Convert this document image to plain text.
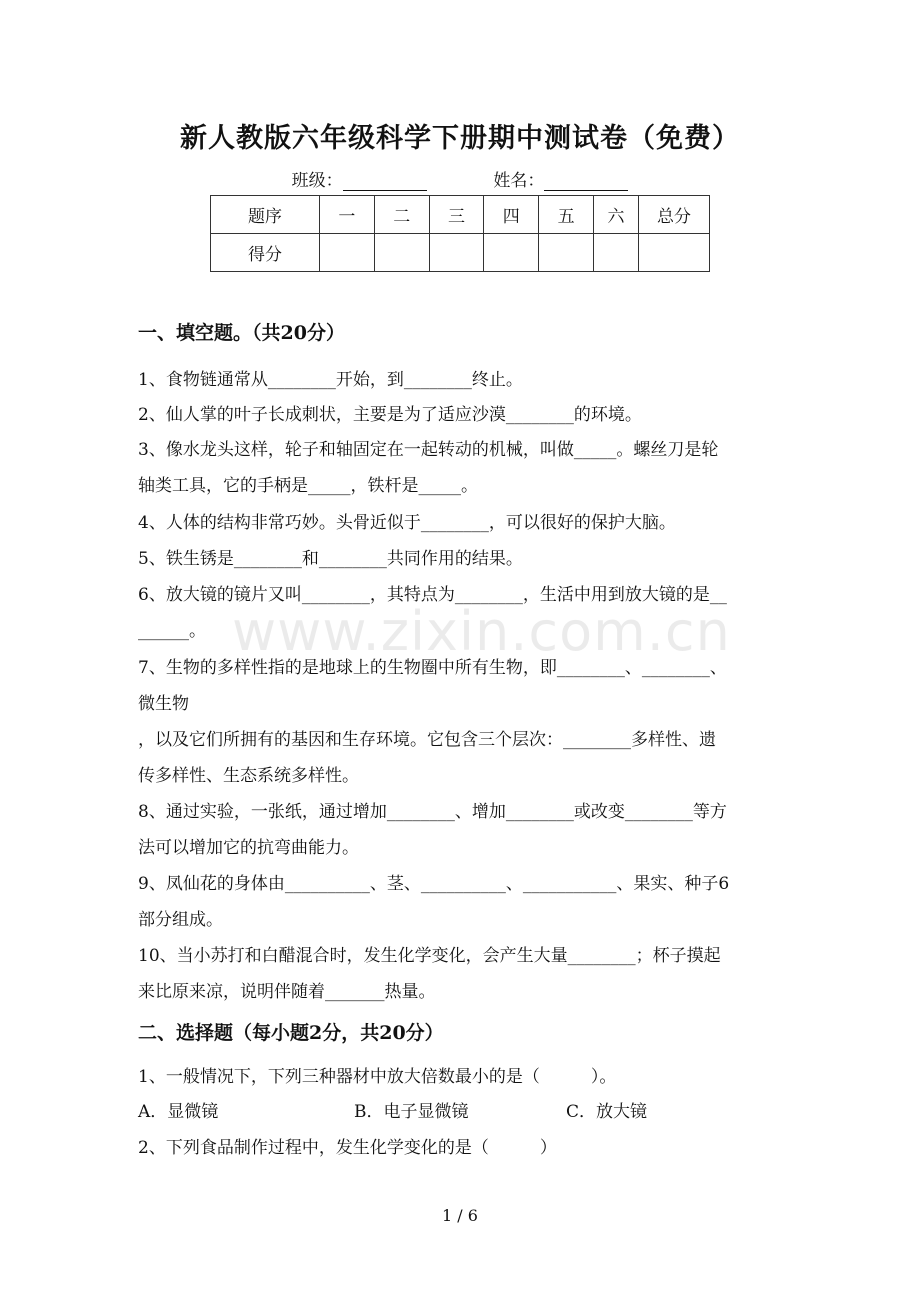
www.zixin.com.cn
新人教版六年级科学下册期中测试卷（免费）
班级：	姓名：
题序	一	二	三	四	五	六	总分
得分							
一、填空题。（共20分）
1、食物链通常从________开始，到________终止。
2、仙人掌的叶子长成刺状，主要是为了适应沙漠________的环境。
3、像水龙头这样，轮子和轴固定在一起转动的机械，叫做_____。螺丝刀是轮
轴类工具，它的手柄是_____，铁杆是_____。
4、人体的结构非常巧妙。头骨近似于________，可以很好的保护大脑。
5、铁生锈是________和________共同作用的结果。
6、放大镜的镜片又叫________，其特点为________，生活中用到放大镜的是__
______。
7、生物的多样性指的是地球上的生物圈中所有生物，即________、________、
微生物
，以及它们所拥有的基因和生存环境。它包含三个层次：________多样性、遗
传多样性、生态系统多样性。
8、通过实验，一张纸，通过增加________、增加________或改变________等方
法可以增加它的抗弯曲能力。
9、凤仙花的身体由__________、茎、__________、___________、果实、种子6
部分组成。
10、当小苏打和白醋混合时，发生化学变化，会产生大量________；杯子摸起
来比原来凉，说明伴随着_______热量。
二、选择题（每小题2分，共20分）
1、一般情况下，下列三种器材中放大倍数最小的是（　　　）。
A．显微镜	B．电子显微镜	C．放大镜
2、下列食品制作过程中，发生化学变化的是（　　　）
1 / 6
